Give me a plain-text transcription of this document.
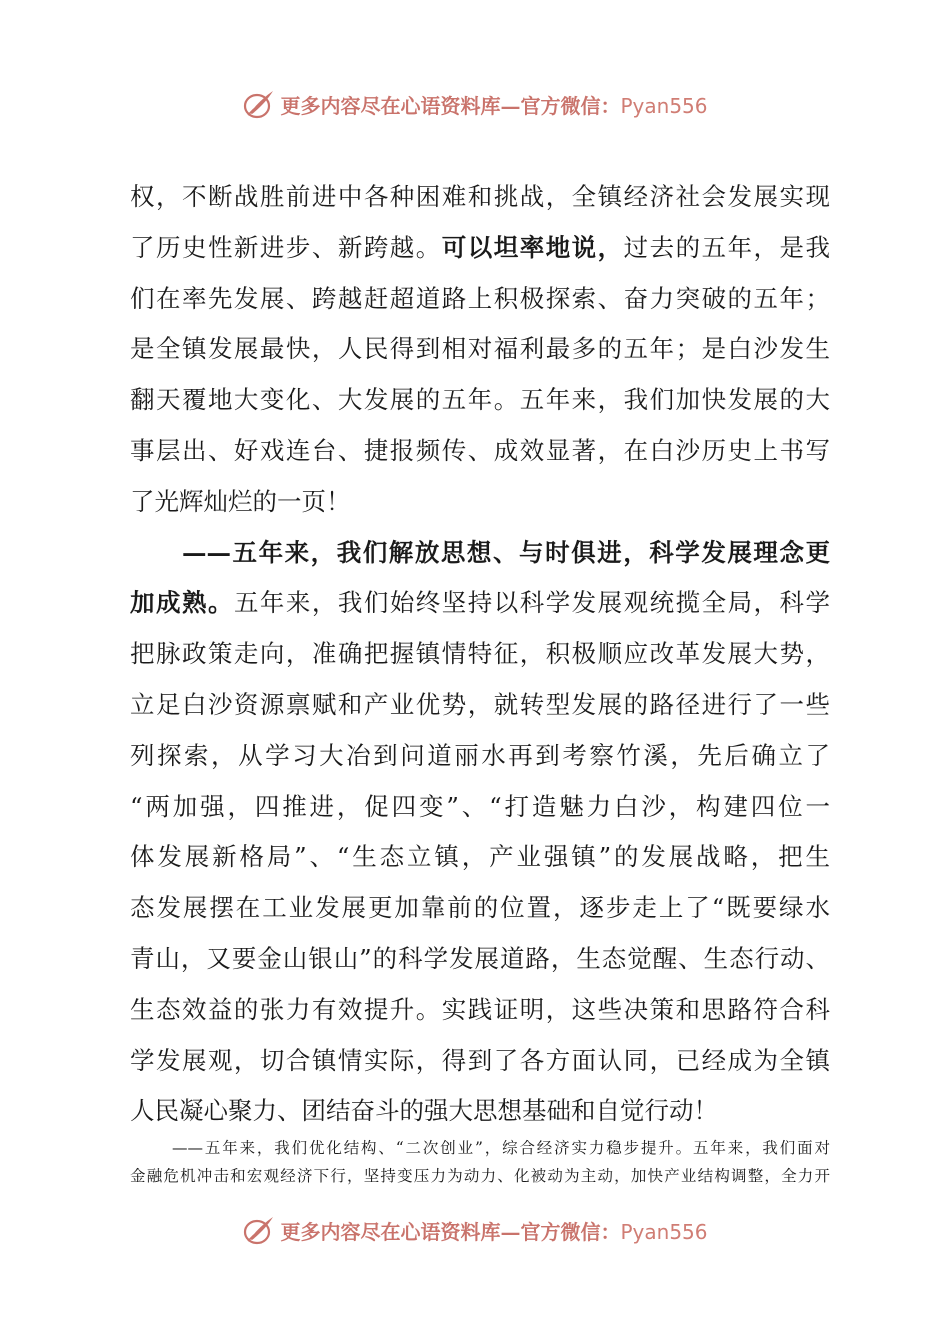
更多内容尽在心语资料库—官方微信：Pyan556
权，不断战胜前进中各种困难和挑战，全镇经济社会发展实现
了历史性新进步、新跨越。可以坦率地说，过去的五年，是我
们在率先发展、跨越赶超道路上积极探索、奋力突破的五年；
是全镇发展最快，人民得到相对福利最多的五年；是白沙发生
翻天覆地大变化、大发展的五年。五年来，我们加快发展的大
事层出、好戏连台、捷报频传、成效显著，在白沙历史上书写
了光辉灿烂的一页！
——五年来，我们解放思想、与时俱进，科学发展理念更
加成熟。五年来，我们始终坚持以科学发展观统揽全局，科学
把脉政策走向，准确把握镇情特征，积极顺应改革发展大势，
立足白沙资源禀赋和产业优势，就转型发展的路径进行了一些
列探索，从学习大冶到问道丽水再到考察竹溪，先后确立了
“两加强，四推进，促四变”、“打造魅力白沙，构建四位一
体发展新格局”、“生态立镇，产业强镇”的发展战略，把生
态发展摆在工业发展更加靠前的位置，逐步走上了“既要绿水
青山，又要金山银山”的科学发展道路，生态觉醒、生态行动、
生态效益的张力有效提升。实践证明，这些决策和思路符合科
学发展观，切合镇情实际，得到了各方面认同，已经成为全镇
人民凝心聚力、团结奋斗的强大思想基础和自觉行动！
——五年来，我们优化结构、“二次创业”，综合经济实力稳步提升。五年来，我们面对
金融危机冲击和宏观经济下行，坚持变压力为动力、化被动为主动，加快产业结构调整，全力开
更多内容尽在心语资料库—官方微信：Pyan556
